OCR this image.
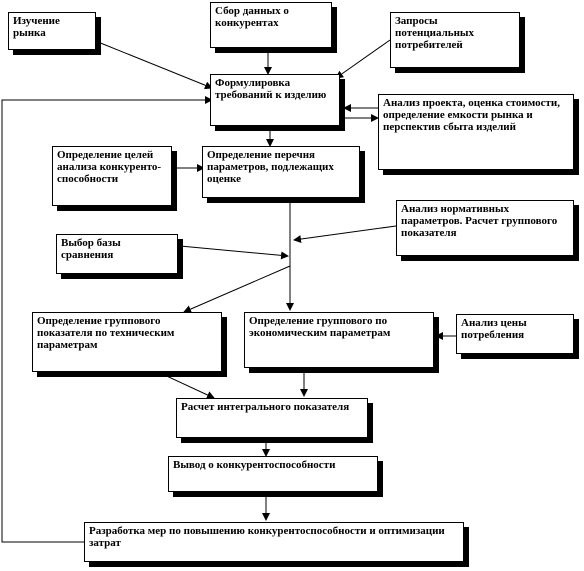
Изучение рынка
Сбор данных о конкурентах	Запросы потенциальных потребителей
Формулировка требований к изделию
Анализ проекта, оценка стоимости, определение емкости рынка и перспектив сбыта изделий
Определение целей анализа конкуренто-способности
Определение перечня параметров, подлежащих оценке
Анализ нормативных параметров. Расчет группового показателя
Выбор базы сравнения
Определение группового показателя по техническим параметрам
Определение группового по экономическим параметрам
Анализ цены потребления
Расчет интегрального показателя
Вывод о конкурентоспособности
Разработка мер по повышению конкурентоспособности и оптимизации затрат
